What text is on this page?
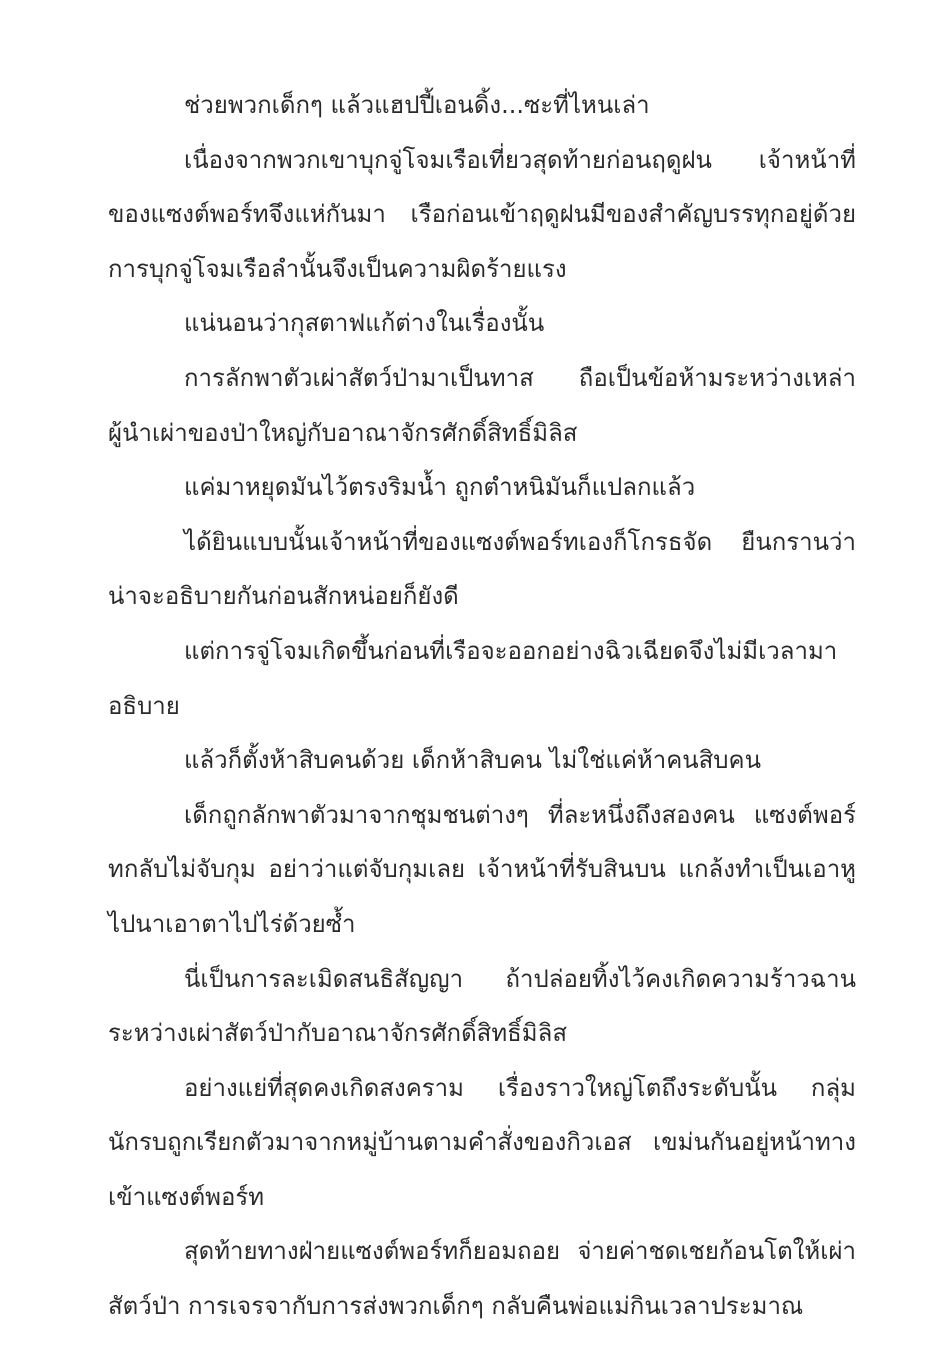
ช่วยพวกเด็กๆ แล้วแฮปปี้เอนดิ้ง...ซะที่ไหนเล่า

เนื่องจากพวกเขาบุกจู่โจมเรือเที่ยวสุดท้ายก่อนฤดูฝน เจ้าหน้าที่ของแซงต์พอร์ทจึงแห่กันมา เรือก่อนเข้าฤดูฝนมีของสำคัญบรรทุกอยู่ด้วย การบุกจู่โจมเรือลำนั้นจึงเป็นความผิดร้ายแรง

แน่นอนว่ากุสตาฟแก้ต่างในเรื่องนั้น

การลักพาตัวเผ่าสัตว์ป่ามาเป็นทาส ถือเป็นข้อห้ามระหว่างเหล่าผู้นำเผ่าของป่าใหญ่กับอาณาจักรศักดิ์สิทธิ์มิลิส

แค่มาหยุดมันไว้ตรงริมน้ำ ถูกตำหนิมันก็แปลกแล้ว

ได้ยินแบบนั้นเจ้าหน้าที่ของแซงต์พอร์ทเองก็โกรธจัด ยืนกรานว่าน่าจะอธิบายกันก่อนสักหน่อยก็ยังดี

แต่การจู่โจมเกิดขึ้นก่อนที่เรือจะออกอย่างฉิวเฉียดจึงไม่มีเวลามาอธิบาย

แล้วก็ตั้งห้าสิบคนด้วย เด็กห้าสิบคน ไม่ใช่แค่ห้าคนสิบคน

เด็กถูกลักพาตัวมาจากชุมชนต่างๆ ที่ละหนึ่งถึงสองคน แซงต์พอร์ทกลับไม่จับกุม อย่าว่าแต่จับกุมเลย เจ้าหน้าที่รับสินบน แกล้งทำเป็นเอาหูไปนาเอาตาไปไร่ด้วยซ้ำ

นี่เป็นการละเมิดสนธิสัญญา ถ้าปล่อยทิ้งไว้คงเกิดความร้าวฉานระหว่างเผ่าสัตว์ป่ากับอาณาจักรศักดิ์สิทธิ์มิลิส

อย่างแย่ที่สุดคงเกิดสงคราม เรื่องราวใหญ่โตถึงระดับนั้น กลุ่มนักรบถูกเรียกตัวมาจากหมู่บ้านตามคำสั่งของกิวเอส เขม่นกันอยู่หน้าทางเข้าแซงต์พอร์ท

สุดท้ายทางฝ่ายแซงต์พอร์ทก็ยอมถอย จ่ายค่าชดเชยก้อนโตให้เผ่าสัตว์ป่า การเจรจากับการส่งพวกเด็กๆ กลับคืนพ่อแม่กินเวลาประมาณ
